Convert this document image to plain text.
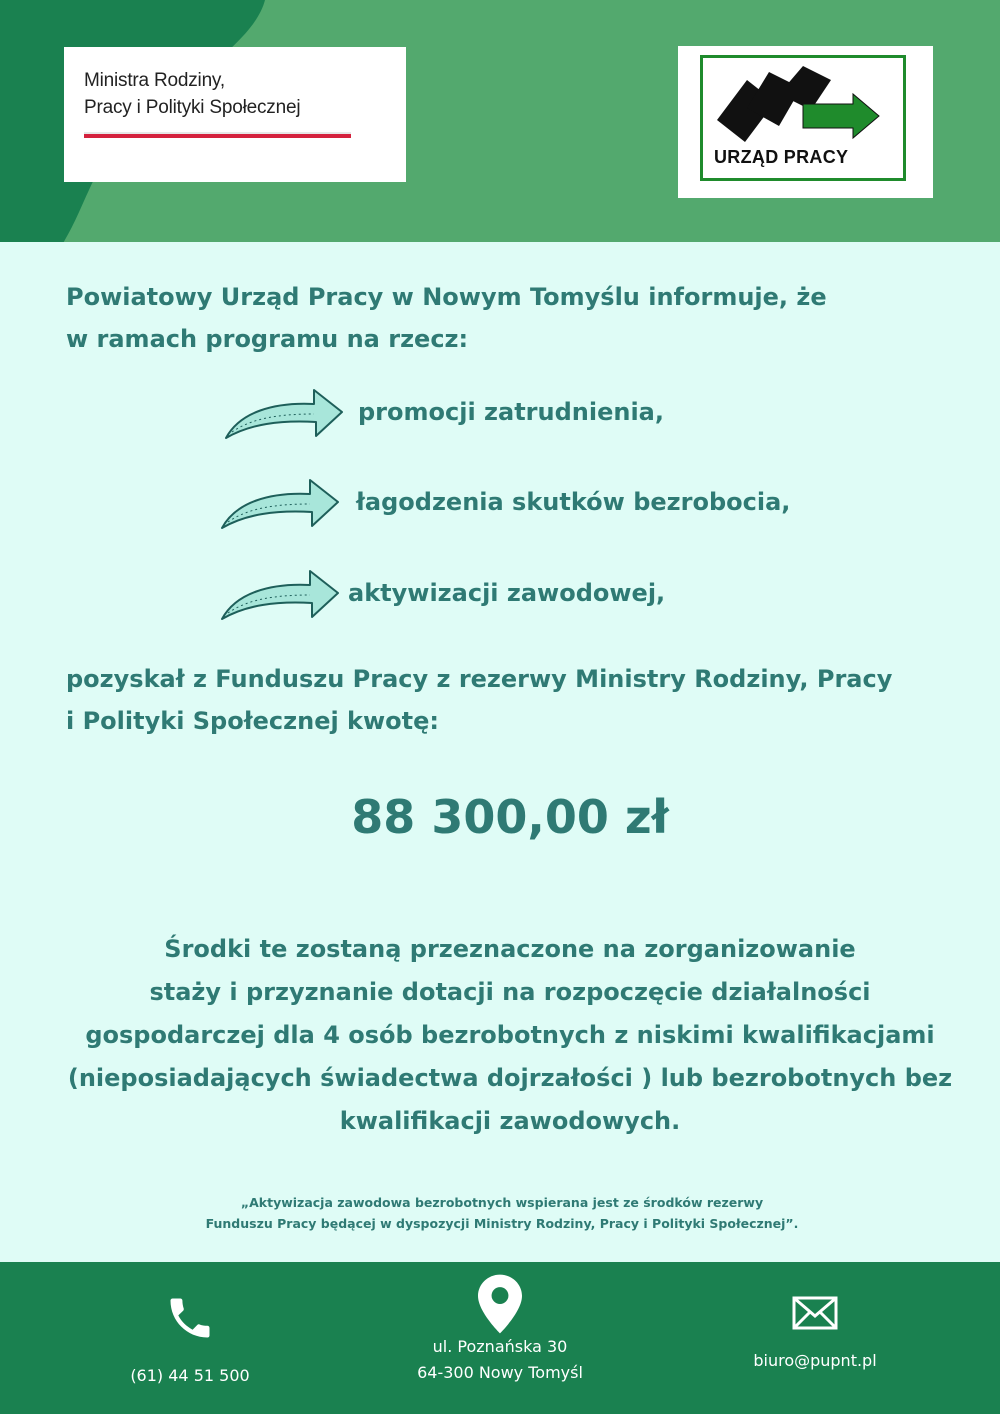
Ministra Rodziny,
Pracy i Polityki Społecznej
URZĄD PRACY
Powiatowy Urząd Pracy w Nowym Tomyślu informuje, że
w ramach programu na rzecz:
promocji zatrudnienia,
łagodzenia skutków bezrobocia,
aktywizacji zawodowej,
pozyskał z Funduszu Pracy z rezerwy Ministry Rodziny, Pracy
i Polityki Społecznej kwotę:
88 300,00 zł
Środki te zostaną przeznaczone na zorganizowanie
staży i przyznanie dotacji na rozpoczęcie działalności
gospodarczej dla 4 osób bezrobotnych z niskimi kwalifikacjami
(nieposiadających świadectwa dojrzałości ) lub bezrobotnych bez
kwalifikacji zawodowych.
„Aktywizacja zawodowa bezrobotnych wspierana jest ze środków rezerwy
Funduszu Pracy będącej w dyspozycji Ministry Rodziny, Pracy i Polityki Społecznej”.
(61) 44 51 500
ul. Poznańska 30
64-300 Nowy Tomyśl
biuro@pupnt.pl
